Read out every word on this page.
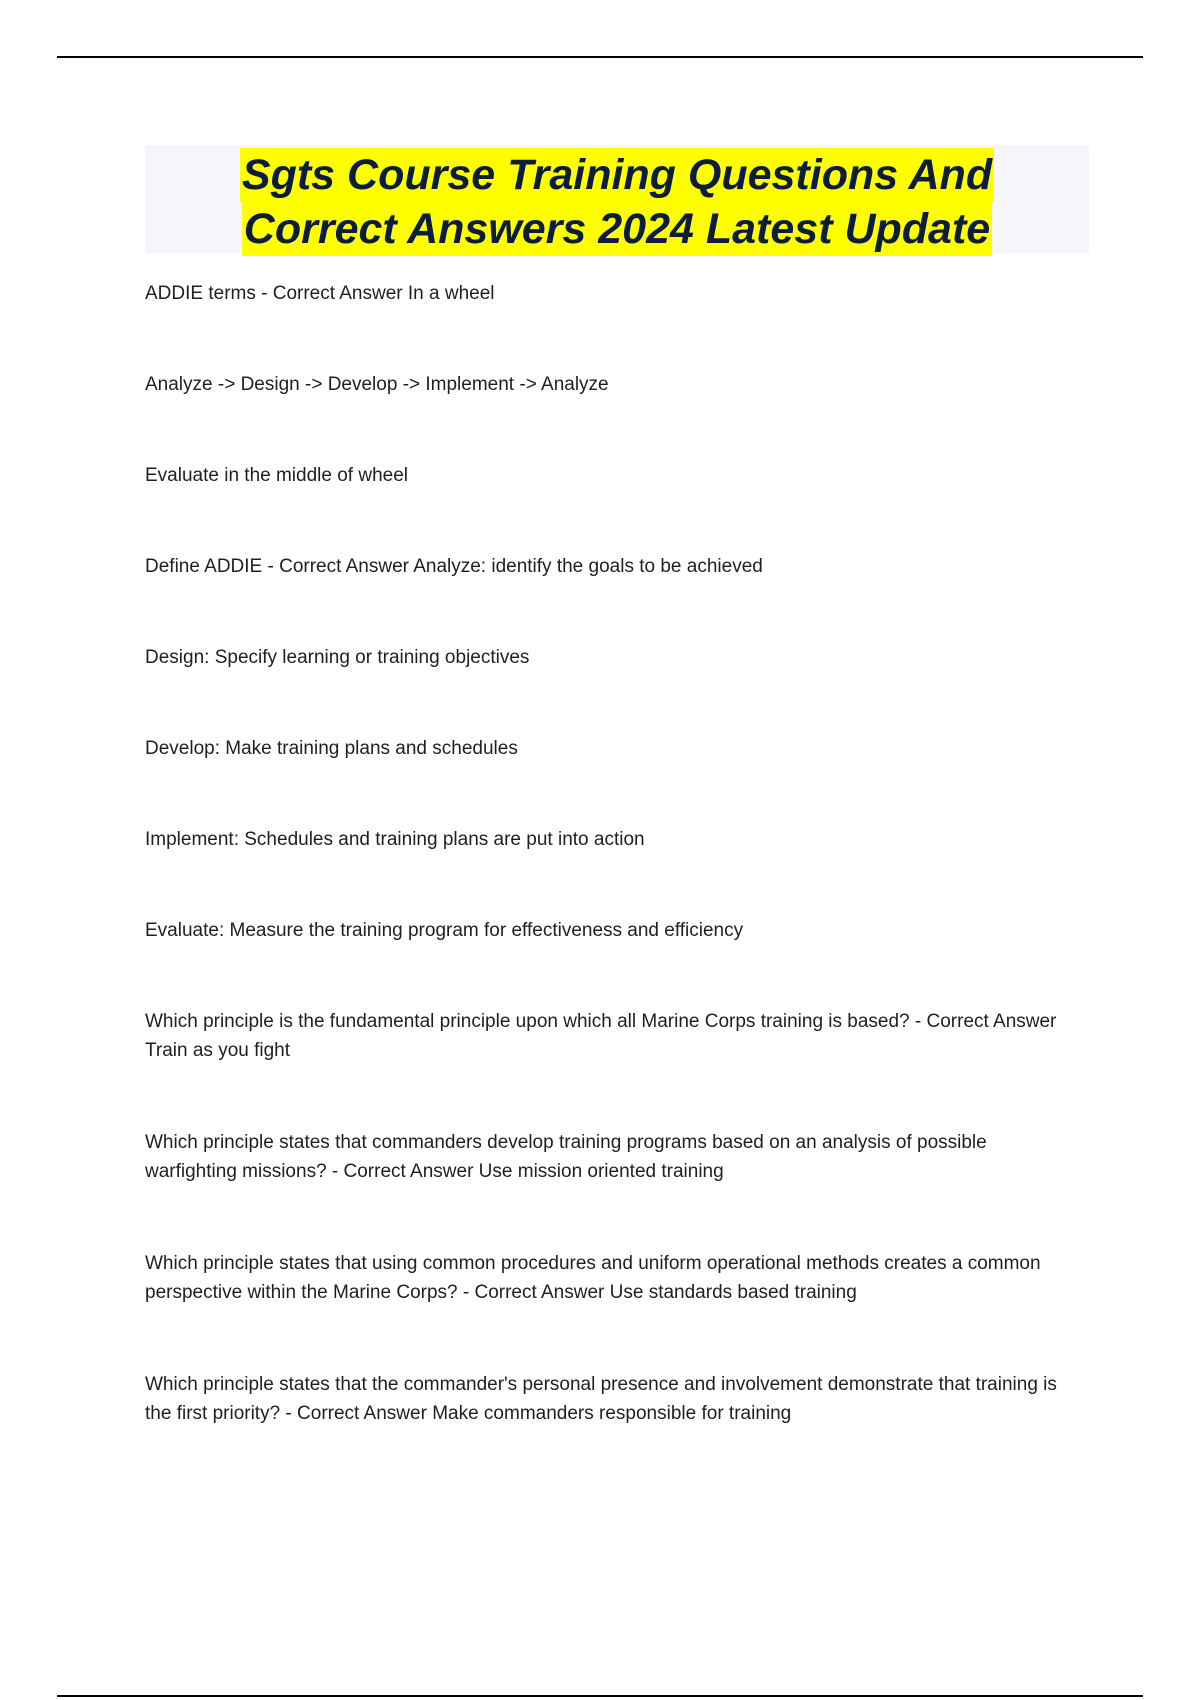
Sgts Course Training Questions And
Correct Answers 2024 Latest Update
ADDIE terms - Correct Answer In a wheel
Analyze -> Design -> Develop -> Implement -> Analyze
Evaluate in the middle of wheel
Define ADDIE - Correct Answer Analyze: identify the goals to be achieved
Design: Specify learning or training objectives
Develop: Make training plans and schedules
Implement: Schedules and training plans are put into action
Evaluate: Measure the training program for effectiveness and efficiency
Which principle is the fundamental principle upon which all Marine Corps training is based? - Correct Answer Train as you fight
Which principle states that commanders develop training programs based on an analysis of possible warfighting missions? - Correct Answer Use mission oriented training
Which principle states that using common procedures and uniform operational methods creates a common perspective within the Marine Corps? - Correct Answer Use standards based training
Which principle states that the commander's personal presence and involvement demonstrate that training is the first priority? - Correct Answer Make commanders responsible for training
